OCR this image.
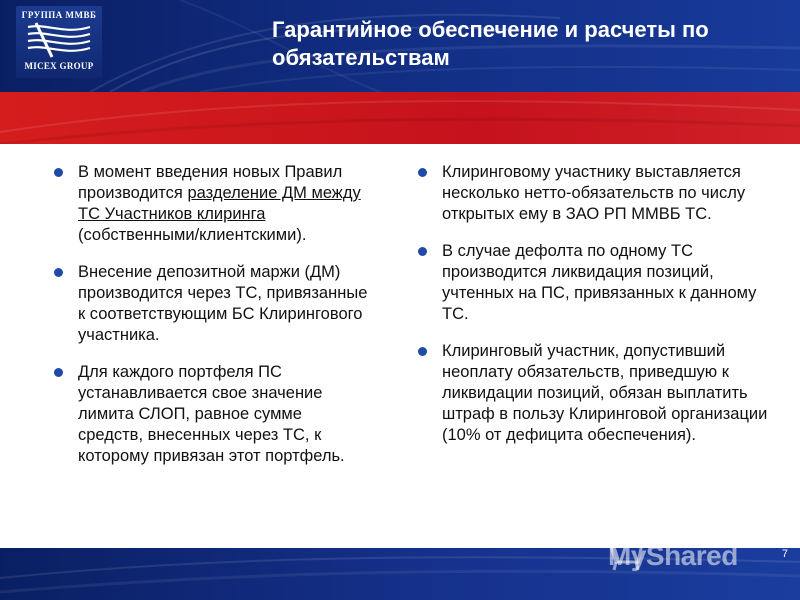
ГРУППА ММВБ
MICEX GROUP
Гарантийное обеспечение и расчеты по обязательствам

В момент введения новых Правил производится разделение ДМ между ТС Участников клиринга (собственными/клиентскими).

Внесение депозитной маржи (ДМ) производится через ТС, привязанные к соответствующим БС Клирингового участника.

Для каждого портфеля ПС устанавливается свое значение лимита СЛОП, равное сумме средств, внесенных через ТС, к которому привязан этот портфель.

Клиринговому участнику выставляется несколько нетто-обязательств по числу открытых ему в ЗАО РП ММВБ ТС.

В случае дефолта по одному ТС производится ликвидация позиций, учтенных на ПС, привязанных к данному ТС.

Клиринговый участник, допустивший неоплату обязательств, приведшую к ликвидации позиций, обязан выплатить штраф в пользу Клиринговой организации (10% от дефицита обеспечения).

7
MyShared
